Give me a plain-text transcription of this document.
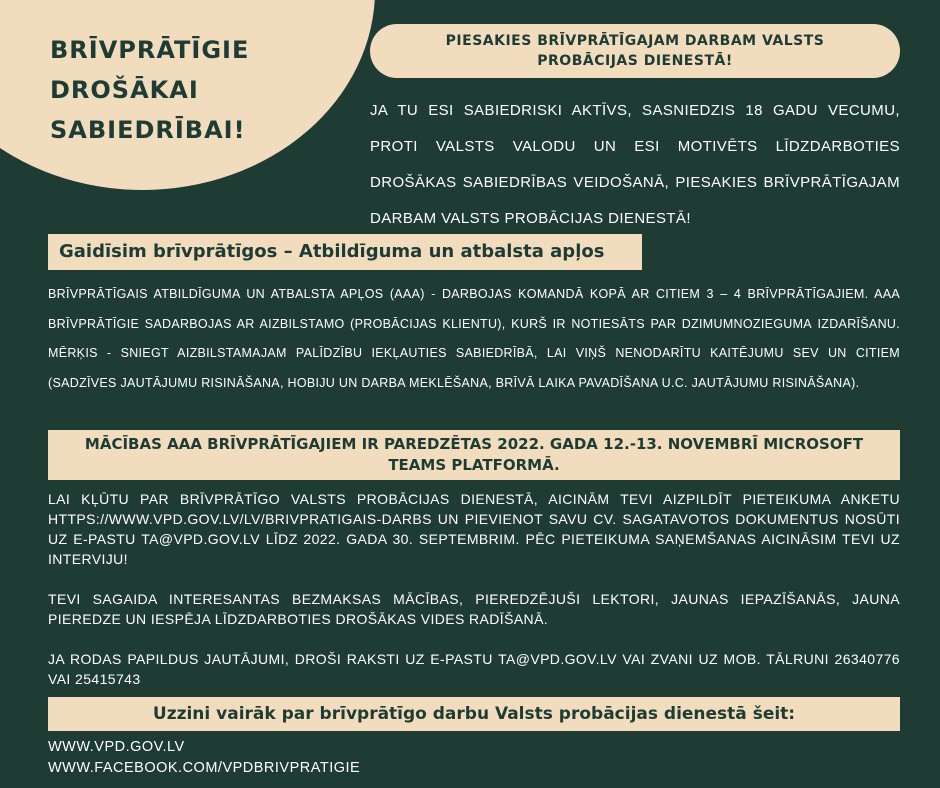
BRĪVPRĀTĪGIE DROŠĀKAI SABIEDRĪBAI!
PIESAKIES BRĪVPRĀTĪGAJAM DARBAM VALSTS PROBĀCIJAS DIENESTĀ!
JA TU ESI SABIEDRISKI AKTĪVS, SASNIEDZIS 18 GADU VECUMU, PROTI VALSTS VALODU UN ESI MOTIVĒTS LĪDZDARBOTIES DROŠĀKAS SABIEDRĪBAS VEIDOŠANĀ, PIESAKIES BRĪVPRĀTĪGAJAM DARBAM VALSTS PROBĀCIJAS DIENESTĀ!
Gaidīsim brīvprātīgos – Atbildīguma un atbalsta apļos
BRĪVPRĀTĪGAIS ATBILDĪGUMA UN ATBALSTA APĻOS (AAA) - DARBOJAS KOMANDĀ KOPĀ AR CITIEM 3 – 4 BRĪVPRĀTĪGAJIEM. AAA BRĪVPRĀTĪGIE SADARBOJAS AR AIZBILSTAMO (PROBĀCIJAS KLIENTU), KURŠ IR NOTIESĀTS PAR DZIMUMNOZIEGUMА IZDARĪŠANU. MĒRĶIS - SNIEGT AIZBILSTAMAJAM PALĪDZĪBU IEKĻAUTIES SABIEDRĪBĀ, LAI VIŅŠ NENODARĪTU KAITĒJUMU SEV UN CITIEM (SADZĪVES JAUTĀJUMU RISINĀŠANA, HOBIJU UN DARBA MEKLĒŠANA, BRĪVĀ LAIKA PAVADĪŠANA U.C. JAUTĀJUMU RISINĀŠANA).
MĀCĪBAS AAA BRĪVPRĀTĪGAJIEM IR PAREDZĒTAS 2022. GADA 12.-13. NOVEMBRĪ MICROSOFT TEAMS PLATFORMĀ.
LAI KĻŪTU PAR BRĪVPRĀTĪGO VALSTS PROBĀCIJAS DIENESTĀ, AICINĀM TEVI AIZPILDĪT PIETEIKUMA ANKETU HTTPS://WWW.VPD.GOV.LV/LV/BRIVPRATIGAIS-DARBS UN PIEVIENOT SAVU CV. SAGATAVOTOS DOKUMENTUS NOSŪTI UZ E-PASTU TA@VPD.GOV.LV LĪDZ 2022. GADA 30. SEPTEMBRIM. PĒC PIETEIKUMA SAŅEMŠANAS AICINĀSIM TEVI UZ INTERVIJU!
TEVI SAGAIDA INTERESANTAS BEZMAKSAS MĀCĪBAS, PIEREDZĒJUŠI LEKTORI, JAUNAS IEPAZĪŠANĀS, JAUNA PIEREDZE UN IESPĒJA LĪDZDARBOTIES DROŠĀKAS VIDES RADĪŠANĀ.
JA RODAS PAPILDUS JAUTĀJUMI, DROŠI RAKSTI UZ E-PASTU TA@VPD.GOV.LV VAI ZVANI UZ MOB. TĀLRUNI 26340776 VAI 25415743
Uzzini vairāk par brīvprātīgo darbu Valsts probācijas dienestā šeit:
WWW.VPD.GOV.LV
WWW.FACEBOOK.COM/VPDBRIVPRATIGIE
